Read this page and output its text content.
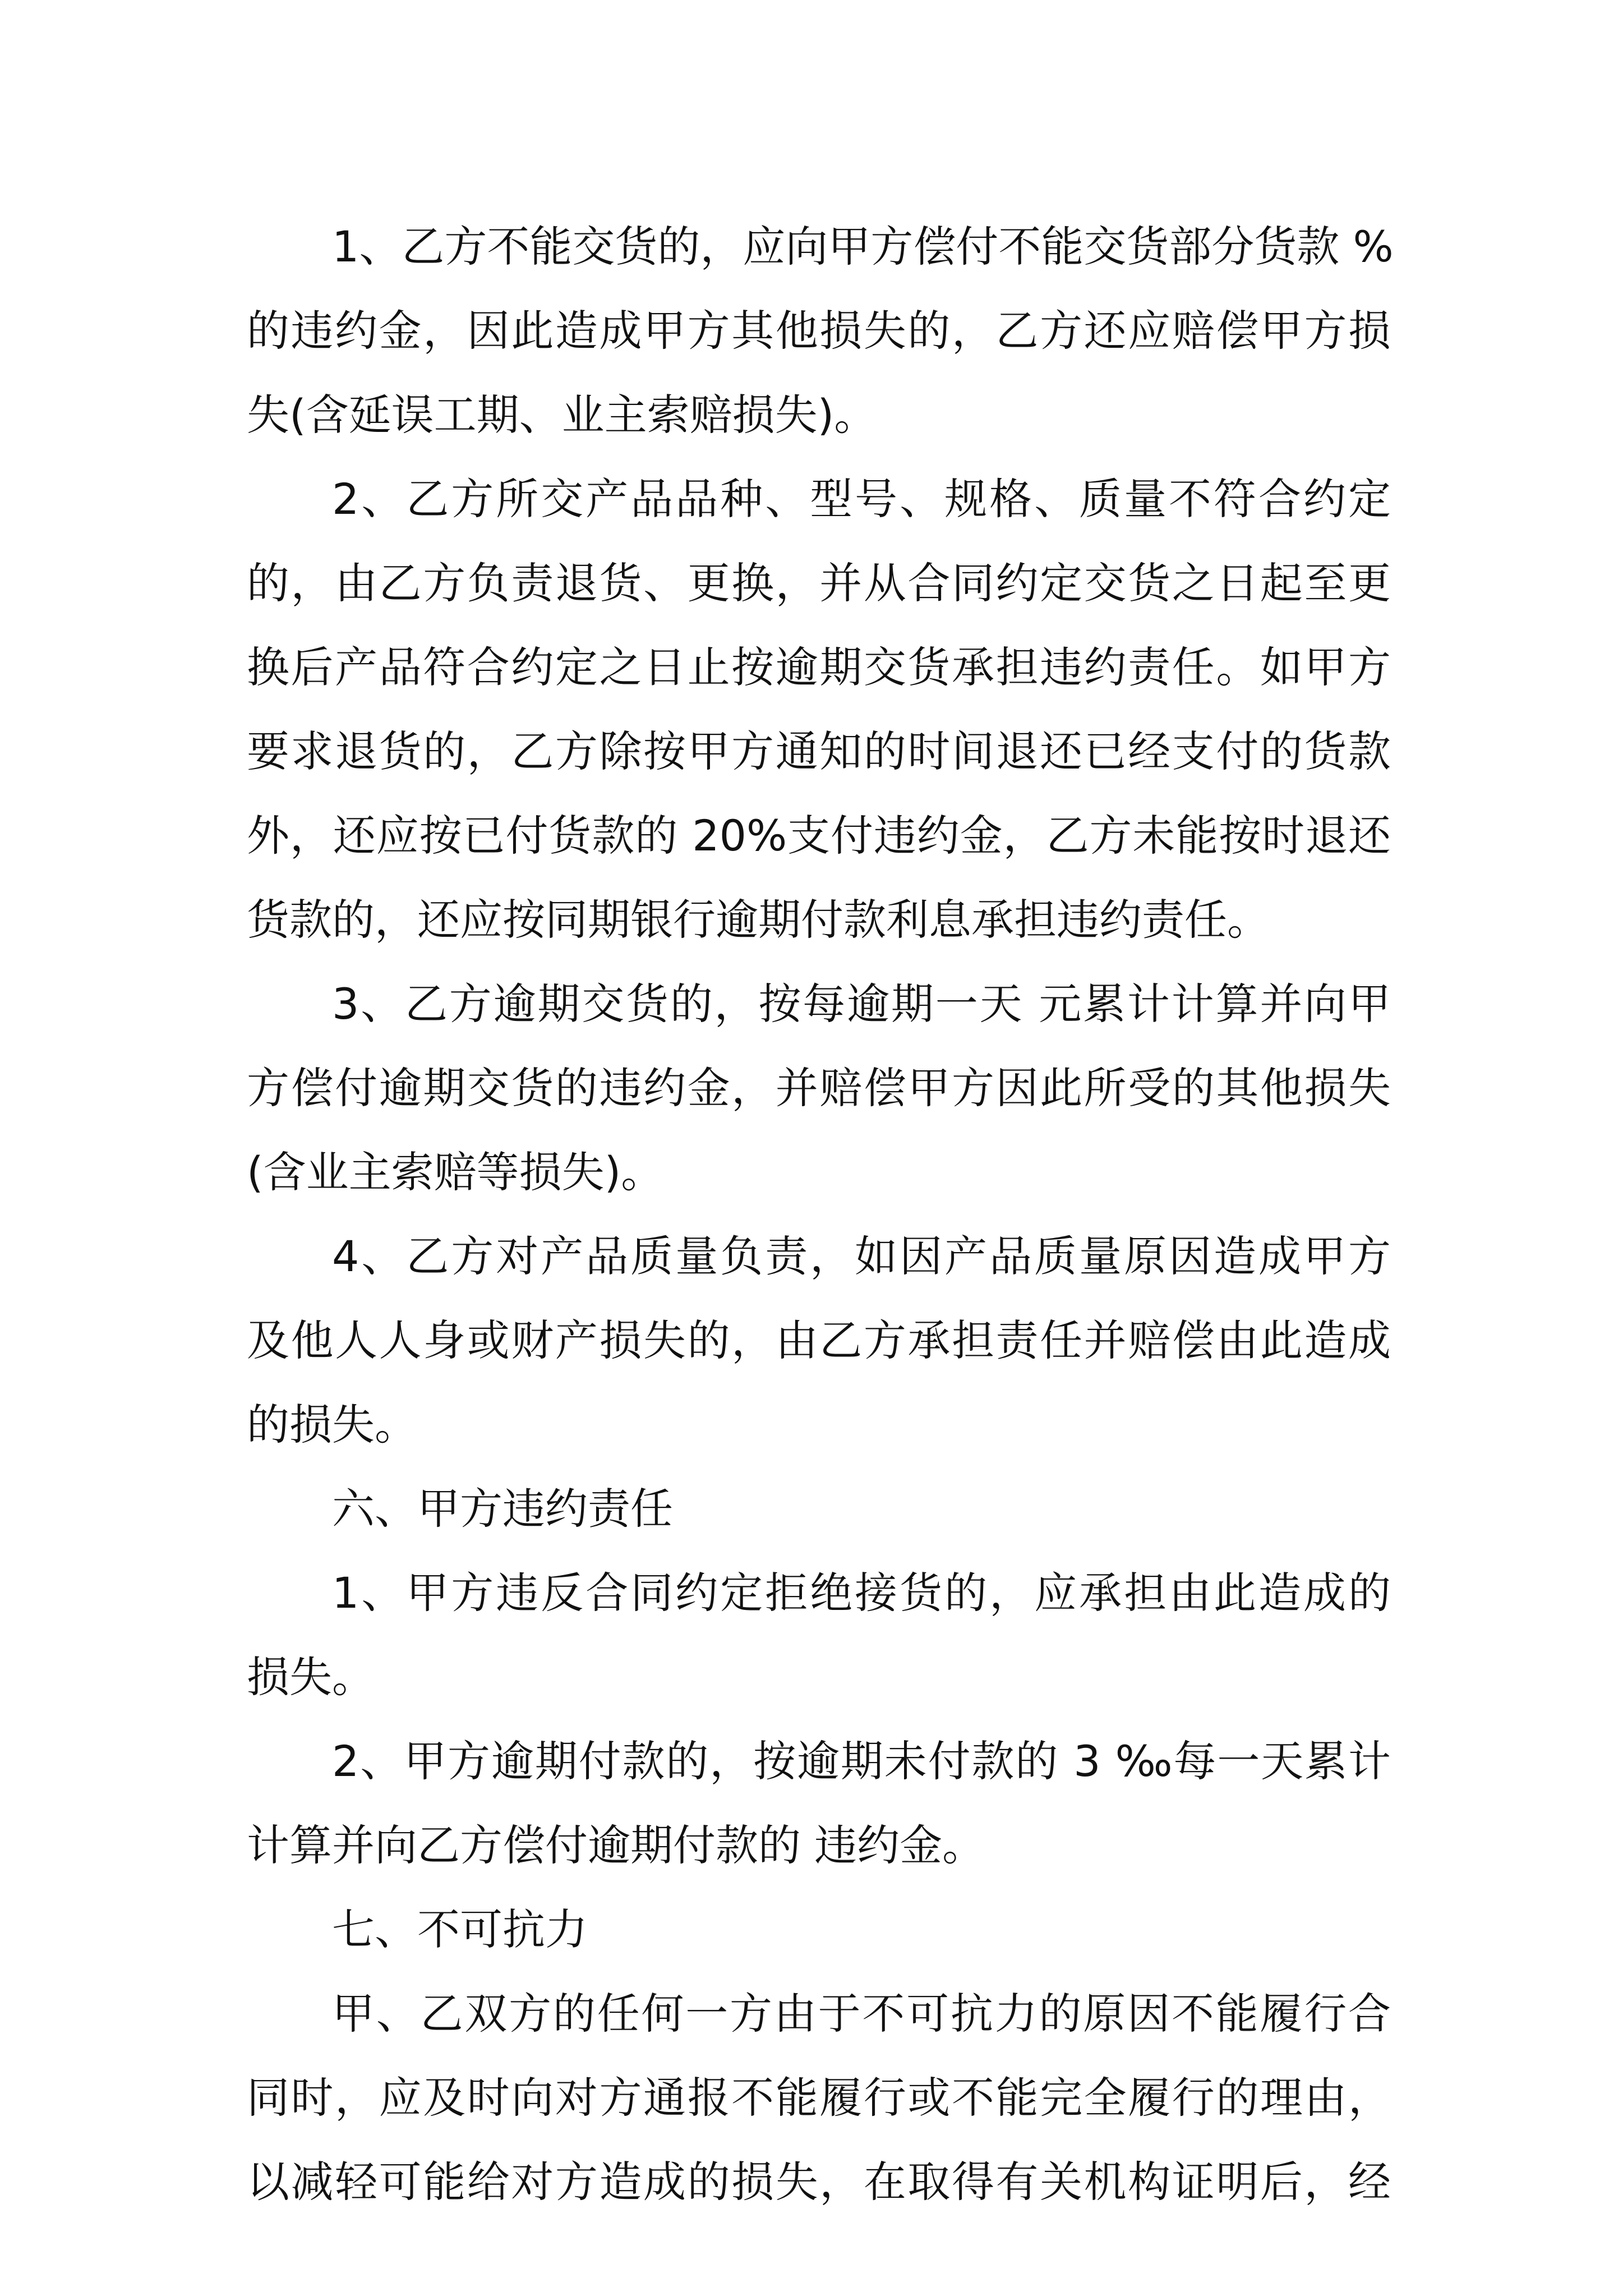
1、乙方不能交货的，应向甲方偿付不能交货部分货款 %
的违约金，因此造成甲方其他损失的，乙方还应赔偿甲方损
失(含延误工期、业主索赔损失)。
2、乙方所交产品品种、型号、规格、质量不符合约定
的，由乙方负责退货、更换，并从合同约定交货之日起至更
换后产品符合约定之日止按逾期交货承担违约责任。如甲方
要求退货的，乙方除按甲方通知的时间退还已经支付的货款
外，还应按已付货款的 20%支付违约金，乙方未能按时退还
货款的，还应按同期银行逾期付款利息承担违约责任。
3、乙方逾期交货的，按每逾期一天 元累计计算并向甲
方偿付逾期交货的违约金，并赔偿甲方因此所受的其他损失
(含业主索赔等损失)。
4、乙方对产品质量负责，如因产品质量原因造成甲方
及他人人身或财产损失的，由乙方承担责任并赔偿由此造成
的损失。
六、甲方违约责任
1、甲方违反合同约定拒绝接货的，应承担由此造成的
损失。
2、甲方逾期付款的，按逾期未付款的 3 ‰每一天累计
计算并向乙方偿付逾期付款的 违约金。
七、不可抗力
甲、乙双方的任何一方由于不可抗力的原因不能履行合
同时，应及时向对方通报不能履行或不能完全履行的理由，
以减轻可能给对方造成的损失，在取得有关机构证明后，经
